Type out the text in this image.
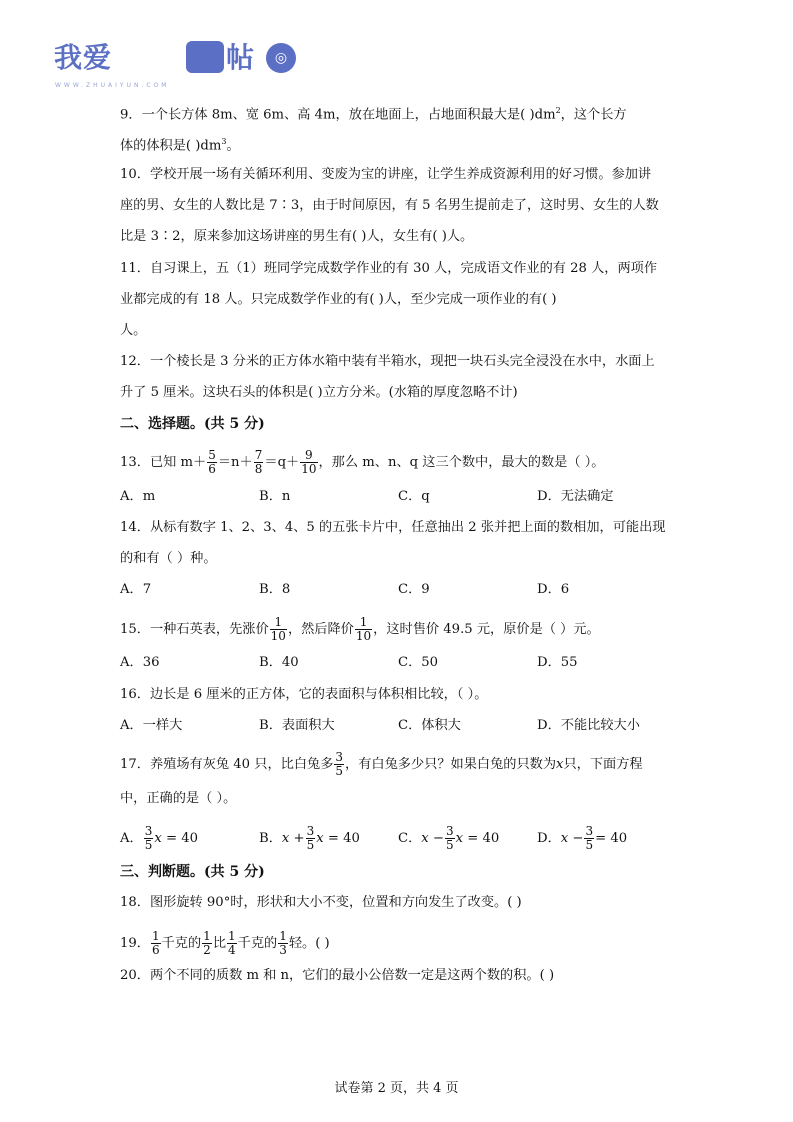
我爱	帖	◎
WWW.ZHUAIYUN.COM
9．一个长方体 8m、宽 6m、高 4m，放在地面上，占地面积最大是( )$dm^2$，这个长方
体的体积是( )$dm^3$。
10．学校开展一场有关循环利用、变废为宝的讲座，让学生养成资源利用的好习惯。参加讲
座的男、女生的人数比是 7∶3，由于时间原因，有 5 名男生提前走了，这时男、女生的人数
比是 3∶2，原来参加这场讲座的男生有( )人，女生有( )人。
11．自习课上，五（1）班同学完成数学作业的有 30 人，完成语文作业的有 28 人，两项作
业都完成的有 18 人。只完成数学作业的有( )人，至少完成一项作业的有( )
人。
12．一个棱长是 3 分米的正方体水箱中装有半箱水，现把一块石头完全浸没在水中，水面上
升了 5 厘米。这块石头的体积是( )立方分米。(水箱的厚度忽略不计)
二、选择题。(共 5 分)
13．已知 $m+ \frac{5}{6} =n+ \frac{7}{8} =q+ \frac{9}{10}$ ，那么 m、n、q 这三个数中，最大的数是（ ）。
A．m	B．n	C．q	D．无法确定
14．从标有数字 1、2、3、4、5 的五张卡片中，任意抽出 2 张并把上面的数相加，可能出现
的和有（ ）种。
A．7	B．8	C．9	D．6
15．一种石英表，先涨价 $\frac{1}{10}$ ，然后降价 $\frac{1}{10}$ ，这时售价 49.5 元，原价是（ ）元。
A．36	B．40	C．50	D．55
16．边长是 6 厘米的正方体，它的表面积与体积相比较，（ ）。
A．一样大	B．表面积大	C．体积大	D．不能比较大小
17．养殖场有灰兔 40 只，比白兔多 $\frac{3}{5}$ ，有白兔多少只？如果白兔的只数为x只，下面方程
中，正确的是（ ）。
A． $\frac{3}{5}$ x = 40	B．$x + \frac{3}{5}$ x = 40	C．$x - \frac{3}{5}$ x = 40	D．$x - \frac{3}{5} = 40$
三、判断题。(共 5 分)
18．图形旋转 90°时，形状和大小不变，位置和方向发生了改变。( )
19． $\frac{1}{6}$ 千克的 $\frac{1}{2}$ 比 $\frac{1}{4}$ 千克的 $\frac{1}{3}$ 轻。( )
20．两个不同的质数 m 和 n，它们的最小公倍数一定是这两个数的积。( )
试卷第 2 页，共 4 页
